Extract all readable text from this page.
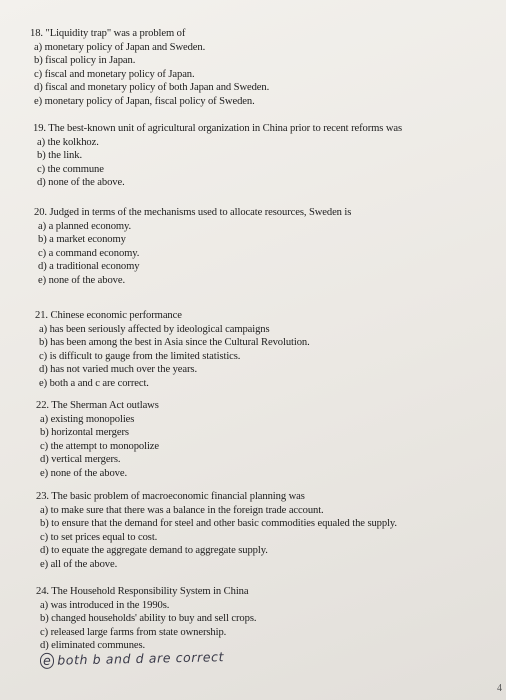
18. "Liquidity trap" was a problem of

a) monetary policy of Japan and Sweden.
b) fiscal policy in Japan.
c) fiscal and monetary policy of Japan.
d) fiscal and monetary policy of both Japan and Sweden.
e) monetary policy of Japan, fiscal policy of Sweden.

19. The best-known unit of agricultural organization in China prior to recent reforms was

a) the kolkhoz.
b) the link.
c) the commune
d) none of the above.

20. Judged in terms of the mechanisms used to allocate resources, Sweden is

a) a planned economy.
b) a market economy
c) a command economy.
d) a traditional economy
e) none of the above.

21. Chinese economic performance

a) has been seriously affected by ideological campaigns
b) has been among the best in Asia since the Cultural Revolution.
c) is difficult to gauge from the limited statistics.
d) has not varied much over the years.
e) both a and c are correct.

22. The Sherman Act outlaws

a) existing monopolies
b) horizontal mergers
c) the attempt to monopolize
d) vertical mergers.
e) none of the above.

23. The basic problem of macroeconomic financial planning was

a) to make sure that there was a balance in the foreign trade account.
b) to ensure that the demand for steel and other basic commodities equaled the supply.
c) to set prices equal to cost.
d) to equate the aggregate demand to aggregate supply.
e) all of the above.

24. The Household Responsibility System in China

a) was introduced in the 1990s.
b) changed households' ability to buy and sell crops.
c) released large farms from state ownership.
d) eliminated communes.
e both b and d are correct
4
